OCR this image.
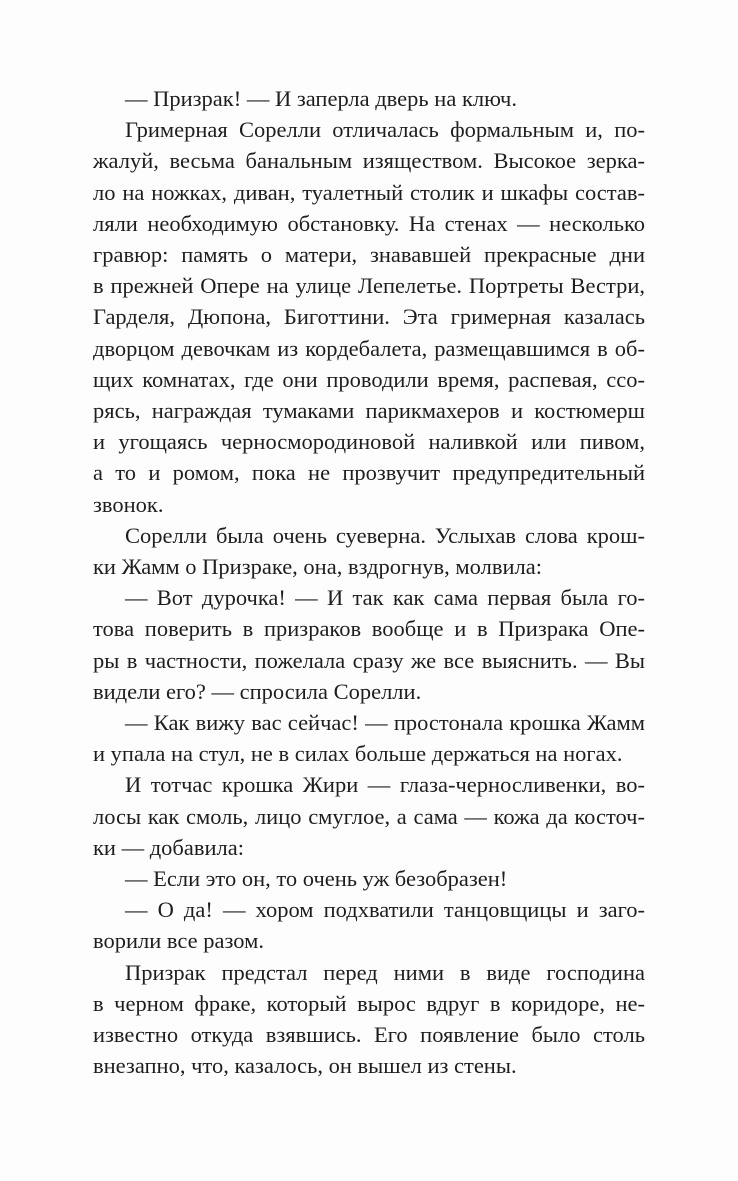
— Призрак! — И заперла дверь на ключ.
Гримерная Сорелли отличалась формальным и, по-
жалуй, весьма банальным изяществом. Высокое зерка-
ло на ножках, диван, туалетный столик и шкафы состав-
ляли необходимую обстановку. На стенах — несколько
гравюр: память о матери, знававшей прекрасные дни
в прежней Опере на улице Лепелетье. Портреты Вестри,
Гарделя, Дюпона, Биготтини. Эта гримерная казалась
дворцом девочкам из кордебалета, размещавшимся в об-
щих комнатах, где они проводили время, распевая, ссо-
рясь, награждая тумаками парикмахеров и костюмерш
и угощаясь черносмородиновой наливкой или пивом,
а то и ромом, пока не прозвучит предупредительный
звонок.
Сорелли была очень суеверна. Услыхав слова крош-
ки Жамм о Призраке, она, вздрогнув, молвила:
— Вот дурочка! — И так как сама первая была го-
това поверить в призраков вообще и в Призрака Опе-
ры в частности, пожелала сразу же все выяснить. — Вы
видели его? — спросила Сорелли.
— Как вижу вас сейчас! — простонала крошка Жамм
и упала на стул, не в силах больше держаться на ногах.
И тотчас крошка Жири — глаза-черносливенки, во-
лосы как смоль, лицо смуглое, а сама — кожа да косточ-
ки — добавила:
— Если это он, то очень уж безобразен!
— О да! — хором подхватили танцовщицы и заго-
ворили все разом.
Призрак предстал перед ними в виде господина
в черном фраке, который вырос вдруг в коридоре, не-
известно откуда взявшись. Его появление было столь
внезапно, что, казалось, он вышел из стены.
